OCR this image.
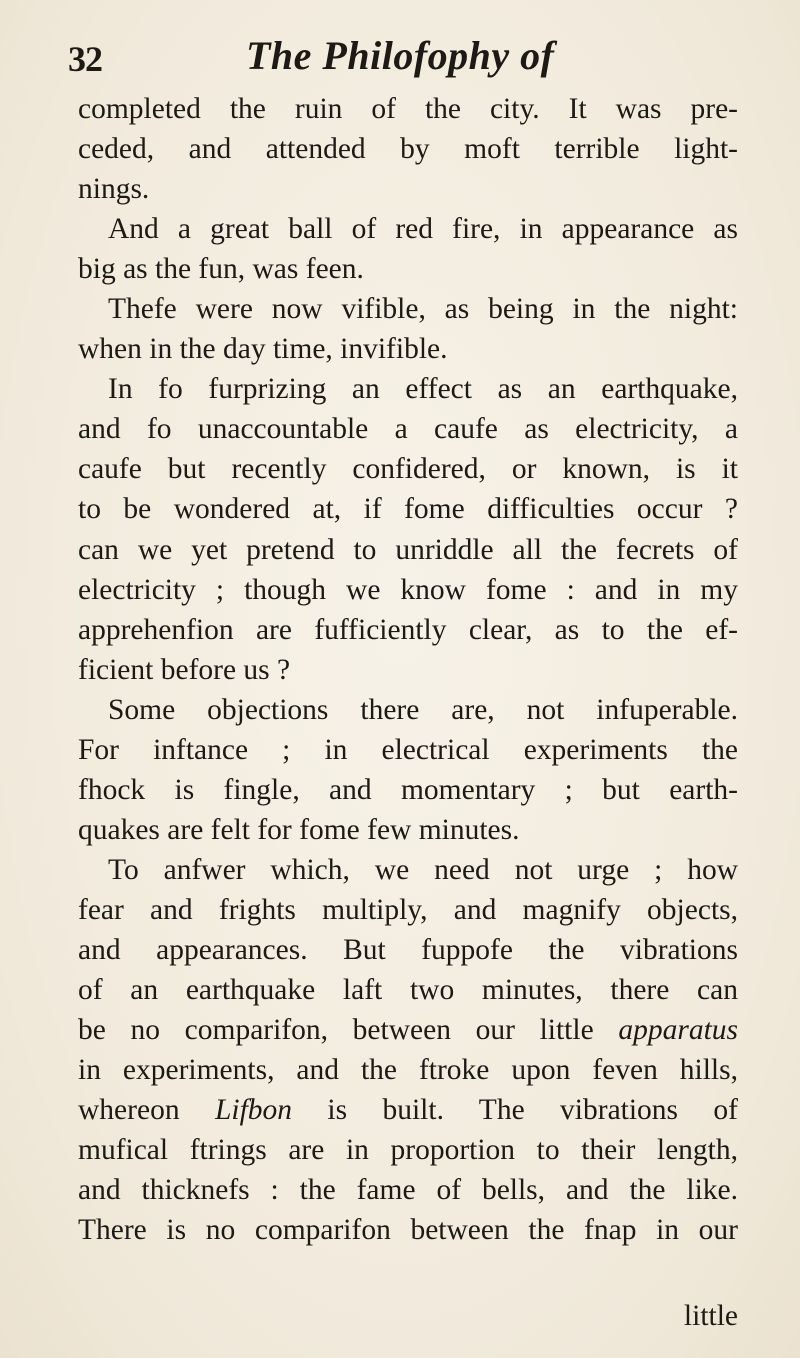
32	The Philofophy of
completed the ruin of the city. It was pre-
ceded, and attended by moft terrible light-
nings.
And a great ball of red fire, in appearance as
big as the fun, was feen.
Thefe were now vifible, as being in the night:
when in the day time, invifible.
In fo furprizing an effect as an earthquake,
and fo unaccountable a caufe as electricity, a
caufe but recently confidered, or known, is it
to be wondered at, if fome difficulties occur ?
can we yet pretend to unriddle all the fecrets of
electricity ; though we know fome : and in my
apprehenfion are fufficiently clear, as to the ef-
ficient before us ?
Some objections there are, not infuperable.
For inftance ; in electrical experiments the
fhock is fingle, and momentary ; but earth-
quakes are felt for fome few minutes.
To anfwer which, we need not urge ; how
fear and frights multiply, and magnify objects,
and appearances. But fuppofe the vibrations
of an earthquake laft two minutes, there can
be no comparifon, between our little apparatus
in experiments, and the ftroke upon feven hills,
whereon Lifbon is built. The vibrations of
mufical ftrings are in proportion to their length,
and thicknefs : the fame of bells, and the like.
There is no comparifon between the fnap in our
little
